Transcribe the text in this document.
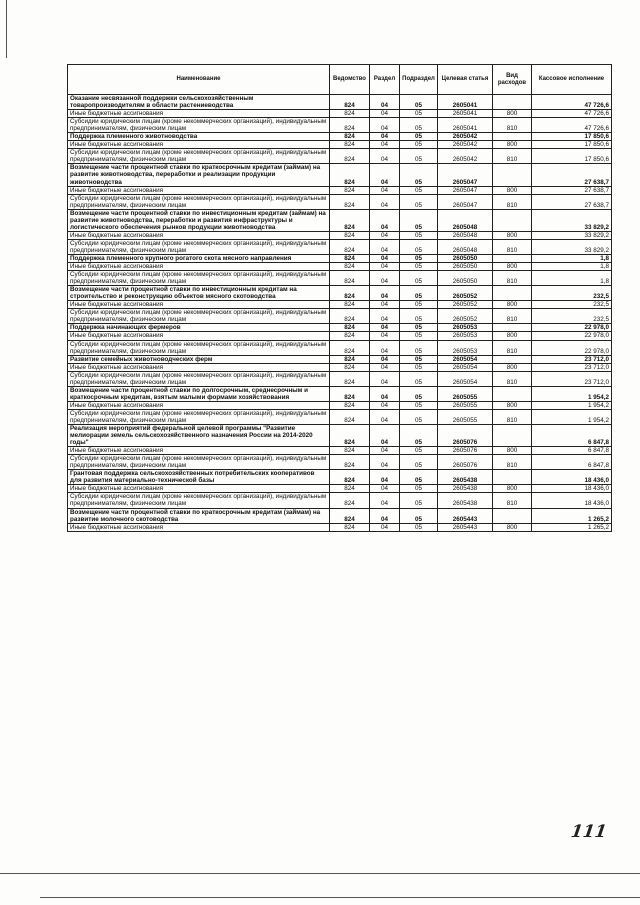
Наименование	Ведомство	Раздел	Подраздел	Целевая статья	Вид расходов	Кассовое исполнение
Оказание несвязанной поддержки сельскохозяйственным товаропроизводителям в области растениеводства	824	04	05	2605041		47 726,6
Иные бюджетные ассигнования	824	04	05	2605041	800	47 726,6
Субсидии юридическим лицам (кроме некоммерческих организаций), индивидуальным предпринимателям, физическим лицам	824	04	05	2605041	810	47 726,6
Поддержка племенного животноводства	824	04	05	2605042		17 850,6
Иные бюджетные ассигнования	824	04	05	2605042	800	17 850,6
Субсидии юридическим лицам (кроме некоммерческих организаций), индивидуальным предпринимателям, физическим лицам	824	04	05	2605042	810	17 850,6
Возмещение части процентной ставки по краткосрочным кредитам (займам) на развитие животноводства, переработки и реализации продукции животноводства	824	04	05	2605047		27 638,7
Иные бюджетные ассигнования	824	04	05	2605047	800	27 638,7
Субсидии юридическим лицам (кроме некоммерческих организаций), индивидуальным предпринимателям, физическим лицам	824	04	05	2605047	810	27 638,7
Возмещение части процентной ставки по инвестиционным кредитам (займам) на развитие животноводства, переработки и развития инфраструктуры и логистического обеспечения рынков продукции животноводства	824	04	05	2605048		33 829,2
Иные бюджетные ассигнования	824	04	05	2605048	800	33 829,2
Субсидии юридическим лицам (кроме некоммерческих организаций), индивидуальным предпринимателям, физическим лицам	824	04	05	2605048	810	33 829,2
Поддержка племенного крупного рогатого скота мясного направления	824	04	05	2605050		1,8
Иные бюджетные ассигнования	824	04	05	2605050	800	1,8
Субсидии юридическим лицам (кроме некоммерческих организаций), индивидуальным предпринимателям, физическим лицам	824	04	05	2605050	810	1,8
Возмещение части процентной ставки по инвестиционным кредитам на строительство и реконструкцию объектов мясного скотоводства	824	04	05	2605052		232,5
Иные бюджетные ассигнования	824	04	05	2605052	800	232,5
Субсидии юридическим лицам (кроме некоммерческих организаций), индивидуальным предпринимателям, физическим лицам	824	04	05	2605052	810	232,5
Поддержка начинающих фермеров	824	04	05	2605053		22 978,0
Иные бюджетные ассигнования	824	04	05	2605053	800	22 978,0
Субсидии юридическим лицам (кроме некоммерческих организаций), индивидуальным предпринимателям, физическим лицам	824	04	05	2605053	810	22 978,0
Развитие семейных животноводческих ферм	824	04	05	2605054		23 712,0
Иные бюджетные ассигнования	824	04	05	2605054	800	23 712,0
Субсидии юридическим лицам (кроме некоммерческих организаций), индивидуальным предпринимателям, физическим лицам	824	04	05	2605054	810	23 712,0
Возмещение части процентной ставки по долгосрочным, среднесрочным и краткосрочным кредитам, взятым малыми формами хозяйствования	824	04	05	2605055		1 954,2
Иные бюджетные ассигнования	824	04	05	2605055	800	1 954,2
Субсидии юридическим лицам (кроме некоммерческих организаций), индивидуальным предпринимателям, физическим лицам	824	04	05	2605055	810	1 954,2
Реализация мероприятий федеральной целевой программы "Развитие мелиорации земель сельскохозяйственного назначения России на 2014-2020 годы"	824	04	05	2605076		6 847,8
Иные бюджетные ассигнования	824	04	05	2605076	800	6 847,8
Субсидии юридическим лицам (кроме некоммерческих организаций), индивидуальным предпринимателям, физическим лицам	824	04	05	2605076	810	6 847,8
Грантовая поддержка сельскохозяйственных потребительских кооперативов для развития материально-технической базы	824	04	05	2605438		18 436,0
Иные бюджетные ассигнования	824	04	05	2605438	800	18 436,0
Субсидии юридическим лицам (кроме некоммерческих организаций), индивидуальным предпринимателям, физическим лицам	824	04	05	2605438	810	18 436,0
Возмещение части процентной ставки по краткосрочным кредитам (займам) на развитие молочного скотоводства	824	04	05	2605443		1 265,2
Иные бюджетные ассигнования	824	04	05	2605443	800	1 265,2
111
